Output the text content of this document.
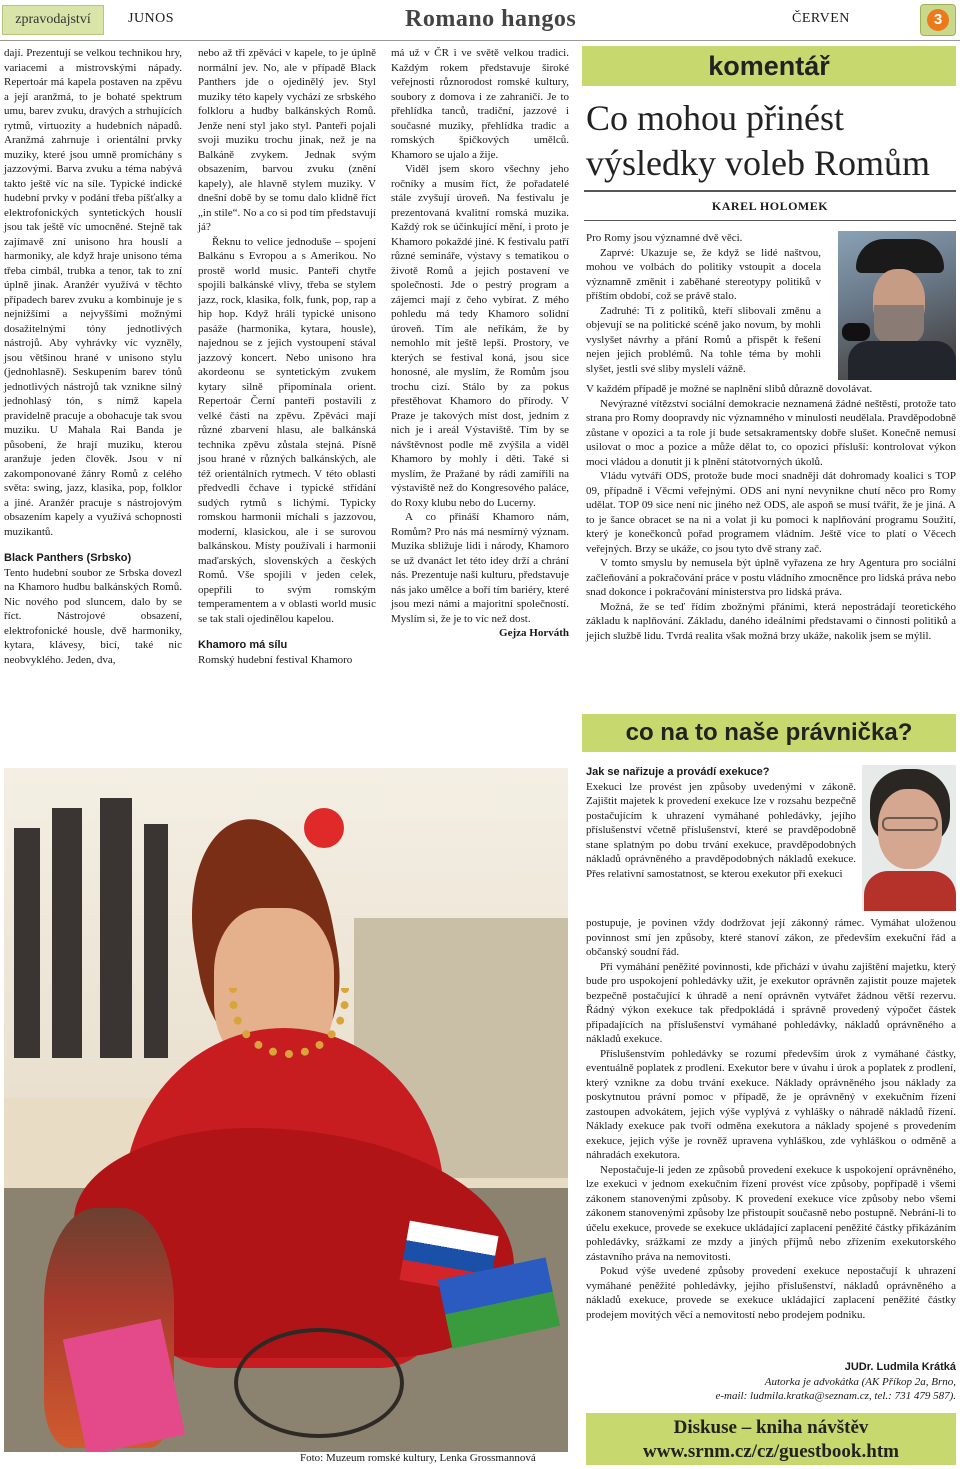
zpravodajství	JUNOS	Romano hangos	ČERVEN	3

dají. Prezentují se velkou technikou hry, variacemi a mistrovskými nápady. Repertoár má kapela postaven na zpěvu a její aranžmá, to je bohaté spektrum umu, barev zvuku, dravých a strhujících rytmů, virtuozity a hudebních nápadů. Aranžmá zahrnuje i orientální prvky muziky, které jsou umně promíchány s jazzovými. Barva zvuku a téma nabývá takto ještě víc na síle. Typické indické hudební prvky v podání třeba píšťalky a elektrofonických syntetických houslí jsou tak ještě víc umocněné. Stejně tak zajímavě zní unisono hra houslí a harmoniky, ale když hraje unisono téma třeba cimbál, trubka a tenor, tak to zní úplně jinak. Aranžér využívá v těchto případech barev zvuku a kombinuje je s nejnižšími a nejvyššími možnými dosažitelnými tóny jednotlivých nástrojů. Aby vyhrávky víc vyzněly, jsou většinou hrané v unisono stylu (jednohlasně). Seskupením barev tónů jednotlivých nástrojů tak vznikne silný jednohlasý tón, s nímž kapela pravidelně pracuje a obohacuje tak svou muziku. U Mahala Rai Banda je působení, že hrají muziku, kterou aranžuje jeden člověk. Jsou v ní zakomponované žánry Romů z celého světa: swing, jazz, klasika, pop, folklor a jiné. Aranžér pracuje s nástrojovým obsazením kapely a využívá schopnosti muzikantů.

Black Panthers (Srbsko)

Tento hudební soubor ze Srbska dovezl na Khamoro hudbu balkánských Romů. Nic nového pod sluncem, dalo by se říct. Nástrojové obsazení, elektrofonické housle, dvě harmoniky, kytara, klávesy, bicí, také nic neobvyklého. Jeden, dva,

nebo až tři zpěváci v kapele, to je úplně normální jev. No, ale v případě Black Panthers jde o ojedinělý jev. Styl muziky této kapely vychází ze srbského folkloru a hudby balkánských Romů. Jenže není styl jako styl. Panteři pojali svoji muziku trochu jinak, než je na Balkáně zvykem. Jednak svým obsazením, barvou zvuku (znění kapely), ale hlavně stylem muziky. V dnešní době by se tomu dalo klidně říct „in stile“. No a co si pod tím představují já?

Řeknu to velice jednoduše – spojení Balkánu s Evropou a s Amerikou. No prostě world music. Panteři chytře spojili balkánské vlivy, třeba se stylem jazz, rock, klasika, folk, funk, pop, rap a hip hop. Když hráli typické unisono pasáže (harmonika, kytara, housle), najednou se z jejich vystoupení stával jazzový koncert. Nebo unisono hra akordeonu se syntetickým zvukem kytary silně připomínala orient. Repertoár Černí panteři postavili z velké části na zpěvu. Zpěváci mají různé zbarvení hlasu, ale balkánská technika zpěvu zůstala stejná. Písně jsou hrané v různých balkánských, ale též orientálních rytmech. V této oblasti předvedli čchave i typické střídání sudých rytmů s lichými. Typicky romskou harmonii míchali s jazzovou, moderní, klasickou, ale i se surovou balkánskou. Místy používali i harmonii maďarských, slovenských a českých Romů. Vše spojili v jeden celek, opepřili to svým romským temperamentem a v oblasti world music se tak stali ojedinělou kapelou.

Khamoro má sílu

Romský hudební festival Khamoro

má už v ČR i ve světě velkou tradici. Každým rokem představuje široké veřejnosti různorodost romské kultury, soubory z domova i ze zahraničí. Je to přehlídka tanců, tradiční, jazzové i současné muziky, přehlídka tradic a romských špičkových umělců. Khamoro se ujalo a žije.

Viděl jsem skoro všechny jeho ročníky a musím říct, že pořadatelé stále zvyšují úroveň. Na festivalu je prezentovaná kvalitní romská muzika. Každý rok se účinkující mění, i proto je Khamoro pokaždé jiné. K festivalu patří různé semináře, výstavy s tematikou o životě Romů a jejich postavení ve společnosti. Jde o pestrý program a zájemci mají z čeho vybírat. Z mého pohledu má tedy Khamoro solidní úroveň. Tím ale neříkám, že by nemohlo mít ještě lepší. Prostory, ve kterých se festival koná, jsou sice honosné, ale myslím, že Romům jsou trochu cizí. Stálo by za pokus přestěhovat Khamoro do přírody. V Praze je takových míst dost, jedním z nich je i areál Výstaviště. Tím by se návštěvnost podle mě zvýšila a viděl Khamoro by mohly i děti. Také si myslím, že Pražané by rádi zamířili na výstaviště než do Kongresového paláce, do Roxy klubu nebo do Lucerny.

A co přináší Khamoro nám, Romům? Pro nás má nesmírný význam. Muzika sbližuje lidi i národy, Khamoro se už dvanáct let této idey drží a chrání nás. Prezentuje naši kulturu, představuje nás jako umělce a boří tím bariéry, které jsou mezi námi a majoritní společností. Myslím si, že je to víc než dost.
Gejza Horváth

komentář
Co mohou přinést výsledky voleb Romům
KAREL HOLOMEK

Pro Romy jsou významné dvě věci.

Zaprvé: Ukazuje se, že když se lidé naštvou, mohou ve volbách do politiky vstoupit a docela významně změnit i zaběhané stereotypy politiků v příštím období, což se právě stalo.

Zadruhé: Ti z politiků, kteří slibovali změnu a objevují se na politické scéně jako novum, by mohli vyslyšet návrhy a přání Romů a přispět k řešení nejen jejich problémů. Na tohle téma by mohli slyšet, jestli své sliby myslelí vážně.

V každém případě je možné se naplnění slibů důrazně dovolávat.

Nevýrazné vítězství sociální demokracie neznamená žádné neštěstí, protože tato strana pro Romy doopravdy nic významného v minulosti neudělala. Pravděpodobně zůstane v opozici a ta role jí bude setsakramentsky dobře slušet. Konečně nemusí usilovat o moc a pozice a může dělat to, co opozici přísluší: kontrolovat výkon moci vládou a donutit ji k plnění státotvorných úkolů.

Vládu vytváří ODS, protože bude moci snadněji dát dohromady koalici s TOP 09, případně i Věcmi veřejnými. ODS ani nyní nevynikne chutí něco pro Romy udělat. TOP 09 sice není nic jiného než ODS, ale aspoň se musí tvářit, že je jiná. A to je šance obracet se na ni a volat ji ku pomoci k naplňování programu Soužití, který je konečkonců pořad programem vládním. Ještě více to platí o Věcech veřejných. Brzy se ukáže, co jsou tyto dvě strany zač.

V tomto smyslu by nemusela být úplně vyřazena ze hry Agentura pro sociální začleňování a pokračování práce v postu vládního zmocněnce pro lidská práva nebo snad dokonce i pokračování ministerstva pro lidská práva.

Možná, že se teď řídím zbožnými přáními, která nepostrádají teoretického základu k naplňování. Základu, daného ideálními představami o činnosti politiků a jejich službě lidu. Tvrdá realita však možná brzy ukáže, nakolik jsem se mýlil.

co na to naše právnička?

Jak se nařizuje a provádí exekuce?

Exekuci lze provést jen způsoby uvedenými v zákoně. Zajištit majetek k provedení exekuce lze v rozsahu bezpečně postačujícím k uhrazení vymáhané pohledávky, jejího příslušenství včetně příslušenství, které se pravděpodobně stane splatným po dobu trvání exekuce, pravděpodobných nákladů oprávněného a pravděpodobných nákladů exekuce. Přes relativní samostatnost, se kterou exekutor při exekuci

postupuje, je povinen vždy dodržovat její zákonný rámec. Vymáhat uloženou povinnost smí jen způsoby, které stanoví zákon, ze především exekuční řád a občanský soudní řád.

Při vymáhání peněžité povinnosti, kde přichází v úvahu zajištění majetku, který bude pro uspokojení pohledávky užit, je exekutor oprávněn zajistit pouze majetek bezpečně postačující k úhradě a není oprávněn vytvářet žádnou větší rezervu. Řádný výkon exekuce tak předpokládá i správně provedený výpočet částek připadajících na příslušenství vymáhané pohledávky, nákladů oprávněného a nákladů exekuce.

Příslušenstvím pohledávky se rozumí především úrok z vymáhané částky, eventuálně poplatek z prodlení. Exekutor bere v úvahu i úrok a poplatek z prodlení, který vznikne za dobu trvání exekuce. Náklady oprávněného jsou náklady za poskytnutou právní pomoc v případě, že je oprávněný v exekučním řízení zastoupen advokátem, jejich výše vyplývá z vyhlášky o náhradě nákladů řízení. Náklady exekuce pak tvoří odměna exekutora a náklady spojené s provedením exekuce, jejich výše je rovněž upravena vyhláškou, zde vyhláškou o odměně a náhradách exekutora.

Nepostačuje-li jeden ze způsobů provedení exekuce k uspokojení oprávněného, lze exekuci v jednom exekučním řízení provést více způsoby, popřípadě i všemi zákonem stanovenými způsoby. K provedení exekuce více způsoby nebo všemi zákonem stanovenými způsoby lze přistoupit současně nebo postupně. Nebrání-li to účelu exekuce, provede se exekuce ukládající zaplacení peněžité částky přikázáním pohledávky, srážkami ze mzdy a jiných příjmů nebo zřízením exekutorského zástavního práva na nemovitosti.

Pokud výše uvedené způsoby provedení exekuce nepostačují k uhrazení vymáhané peněžité pohledávky, jejího příslušenství, nákladů oprávněného a nákladů exekuce, provede se exekuce ukládající zaplacení peněžité částky prodejem movitých věcí a nemovitostí nebo prodejem podniku.

JUDr. Ludmila Krátká
Autorka je advokátka (AK Příkop 2a, Brno,
e-mail: ludmila.kratka@seznam.cz, tel.: 731 479 587).
Diskuse – kniha návštěv
www.srnm.cz/cz/guestbook.htm
Foto: Muzeum romské kultury, Lenka Grossmannová
